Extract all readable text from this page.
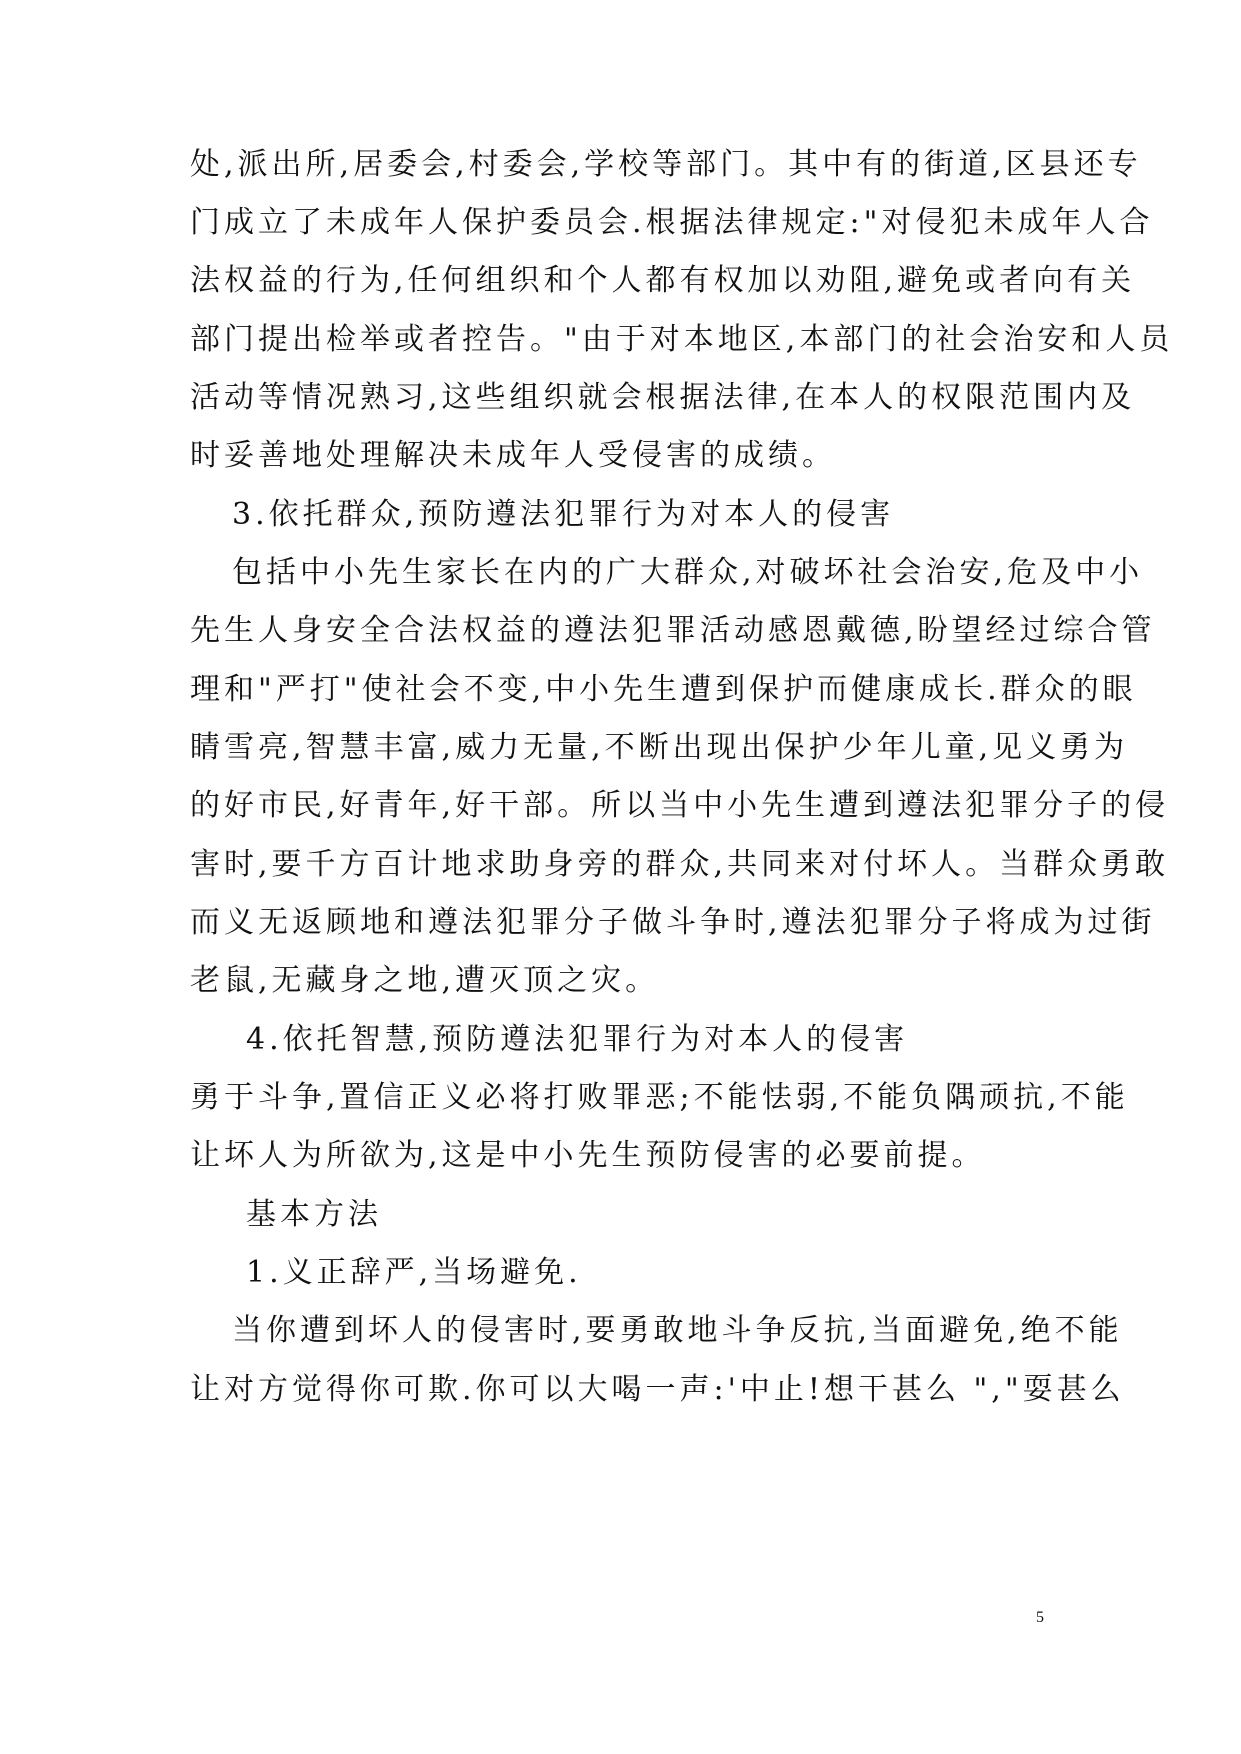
处,派出所,居委会,村委会,学校等部门。其中有的街道,区县还专
门成立了未成年人保护委员会.根据法律规定:"对侵犯未成年人合
法权益的行为,任何组织和个人都有权加以劝阻,避免或者向有关
部门提出检举或者控告。"由于对本地区,本部门的社会治安和人员
活动等情况熟习,这些组织就会根据法律,在本人的权限范围内及
时妥善地处理解决未成年人受侵害的成绩。
3.依托群众,预防遵法犯罪行为对本人的侵害
包括中小先生家长在内的广大群众,对破坏社会治安,危及中小
先生人身安全合法权益的遵法犯罪活动感恩戴德,盼望经过综合管
理和"严打"使社会不变,中小先生遭到保护而健康成长.群众的眼
睛雪亮,智慧丰富,威力无量,不断出现出保护少年儿童,见义勇为
的好市民,好青年,好干部。所以当中小先生遭到遵法犯罪分子的侵
害时,要千方百计地求助身旁的群众,共同来对付坏人。当群众勇敢
而义无返顾地和遵法犯罪分子做斗争时,遵法犯罪分子将成为过街
老鼠,无藏身之地,遭灭顶之灾。
4.依托智慧,预防遵法犯罪行为对本人的侵害
勇于斗争,置信正义必将打败罪恶;不能怯弱,不能负隅顽抗,不能
让坏人为所欲为,这是中小先生预防侵害的必要前提。
基本方法
1.义正辞严,当场避免.
当你遭到坏人的侵害时,要勇敢地斗争反抗,当面避免,绝不能
让对方觉得你可欺.你可以大喝一声:'中止!想干甚么 ","耍甚么
5
